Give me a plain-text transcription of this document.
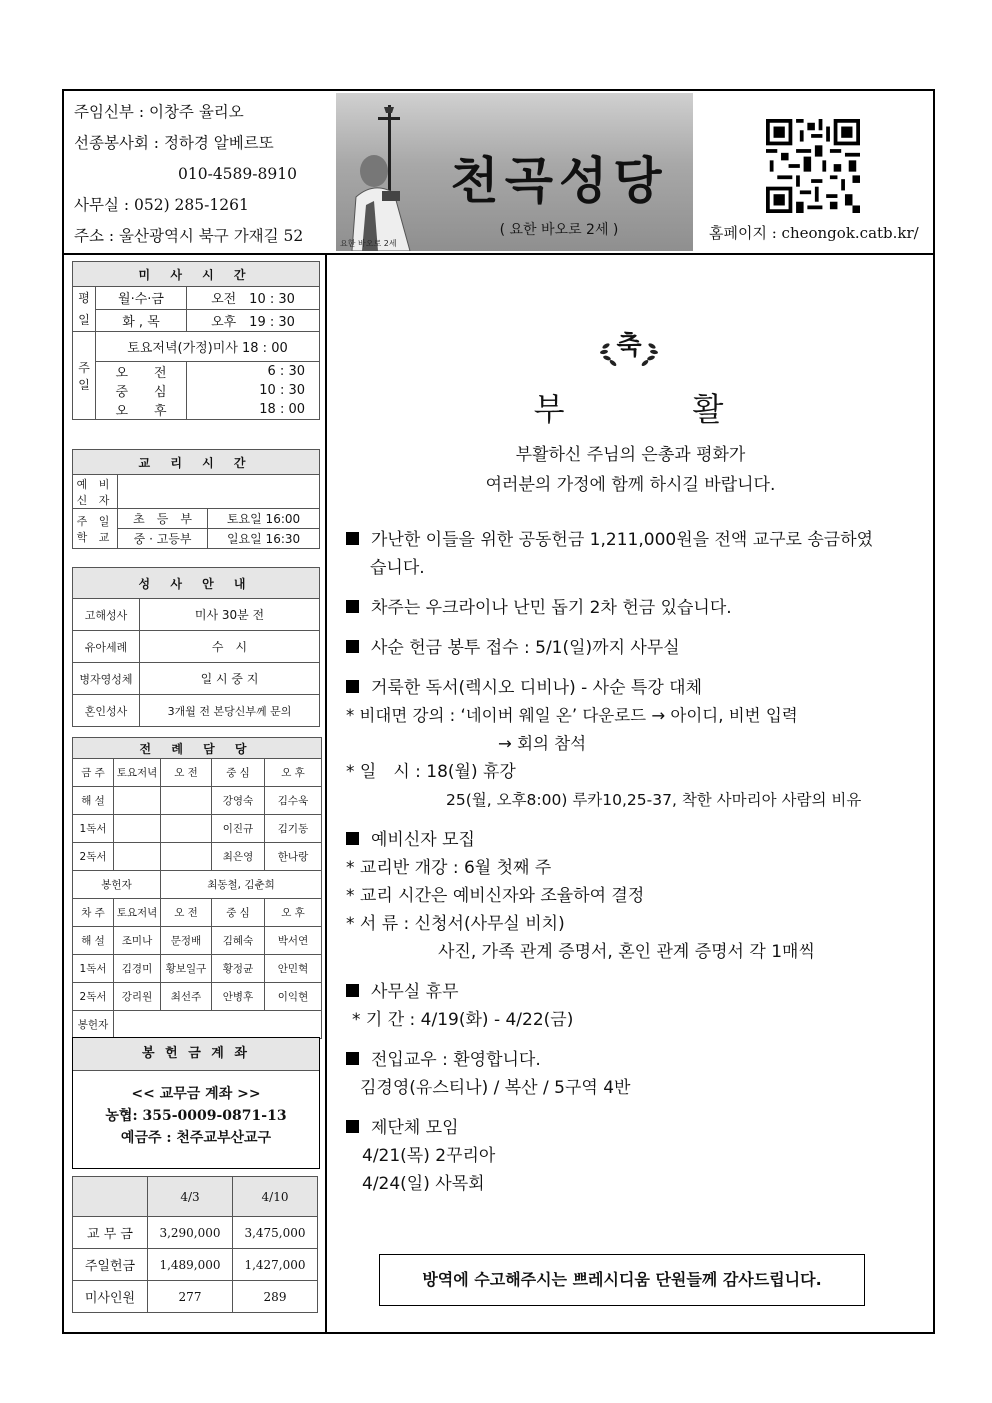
주임신부 : 이창주 율리오
선종봉사회 : 정하경 알베르또
010-4589-8910
사무실 : 052) 285-1261
주소 : 울산광역시 북구 가재길 52
천곡성당
( 요한 바오로 2세 )
요한 바오로 2세
홈페이지 : cheongok.catb.kr/
미 사 시 간		
평일	월·수·금	오전　10 : 30
	화 , 목	오후　19 : 30
주일	토요저녁(가정)미사 18 : 00	
	오　　전	6 : 30
	중　　심	10 : 30
	오　　후	18 : 00
교 리 시 간		
예 비 신 자		
주 일 학 교	초　등　부	토요일 16:00
	중 · 고등부	일요일 16:30
성 사 안 내	
고해성사	미사 30분 전
유아세례	수　시
병자영성체	일 시 중 지
혼인성사	3개월 전 본당신부께 문의
전 례 담 당				
금 주	토요저녁	오 전	중 심	오 후
해 설			강영숙	김수욱
1독서			이진규	김기동
2독서			최은영	한나랑
봉헌자		최동철, 김춘희		
차 주	토요저녁	오 전	중 심	오 후
해 설	조미나	문정배	김혜숙	박서연
1독서	김경미	황보일구	황정균	안민혁
2독서	강리원	최선주	안병후	이익현
봉헌자				
봉 헌 금 계 좌
<< 교무금 계좌 >>
농협: 355-0009-0871-13
예금주 : 천주교부산교구
	4/3	4/10
교 무 금	3,290,000	3,475,000
주일헌금	1,489,000	1,427,000
미사인원	277	289
축
부	활
부활하신 주님의 은총과 평화가
여러분의 가정에 함께 하시길 바랍니다.
가난한 이들을 위한 공동헌금 1,211,000원을 전액 교구로 송금하였
습니다.
차주는 우크라이나 난민 돕기 2차 헌금 있습니다.
사순 헌금 봉투 접수 : 5/1(일)까지 사무실
거룩한 독서(렉시오 디비나) - 사순 특강 대체
* 비대면 강의 : ‘네이버 웨일 온’ 다운로드 → 아이디, 비번 입력
→ 회의 참석
* 일　시 : 18(월) 휴강
25(월, 오후8:00) 루카10,25-37, 착한 사마리아 사람의 비유
예비신자 모집
* 교리반 개강 : 6월 첫째 주
* 교리 시간은 예비신자와 조율하여 결정
* 서 류 : 신청서(사무실 비치)
사진, 가족 관계 증명서, 혼인 관계 증명서 각 1매씩
사무실 휴무
* 기 간 : 4/19(화) - 4/22(금)
전입교우 : 환영합니다.
김경영(유스티나) / 복산 / 5구역 4반
제단체 모임
4/21(목) 2꾸리아
4/24(일) 사목회
방역에 수고해주시는 쁘레시디움 단원들께 감사드립니다.
